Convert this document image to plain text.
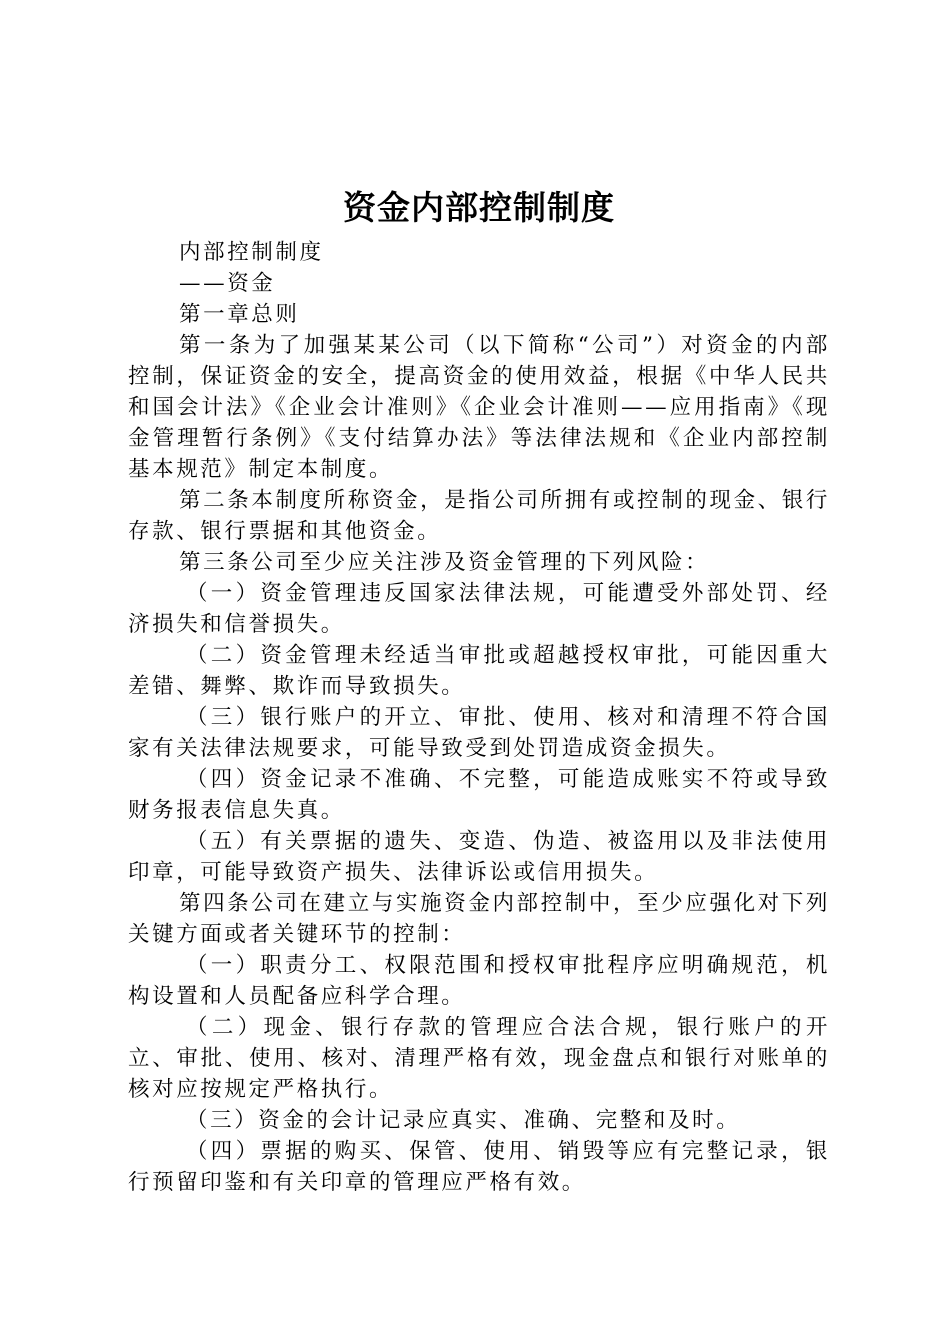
资金内部控制制度

内部控制制度

——资金

第一章总则

第一条为了加强某某公司（以下简称“公司”）对资金的内部控制，保证资金的安全，提高资金的使用效益，根据《中华人民共和国会计法》《企业会计准则》《企业会计准则——应用指南》《现金管理暂行条例》《支付结算办法》等法律法规和《企业内部控制基本规范》制定本制度。

第二条本制度所称资金，是指公司所拥有或控制的现金、银行存款、银行票据和其他资金。

第三条公司至少应关注涉及资金管理的下列风险：

（一）资金管理违反国家法律法规，可能遭受外部处罚、经济损失和信誉损失。

（二）资金管理未经适当审批或超越授权审批，可能因重大差错、舞弊、欺诈而导致损失。

（三）银行账户的开立、审批、使用、核对和清理不符合国家有关法律法规要求，可能导致受到处罚造成资金损失。

（四）资金记录不准确、不完整，可能造成账实不符或导致财务报表信息失真。

（五）有关票据的遗失、变造、伪造、被盗用以及非法使用印章，可能导致资产损失、法律诉讼或信用损失。

第四条公司在建立与实施资金内部控制中，至少应强化对下列关键方面或者关键环节的控制：

（一）职责分工、权限范围和授权审批程序应明确规范，机构设置和人员配备应科学合理。

（二）现金、银行存款的管理应合法合规，银行账户的开立、审批、使用、核对、清理严格有效，现金盘点和银行对账单的核对应按规定严格执行。

（三）资金的会计记录应真实、准确、完整和及时。

（四）票据的购买、保管、使用、销毁等应有完整记录，银行预留印鉴和有关印章的管理应严格有效。
